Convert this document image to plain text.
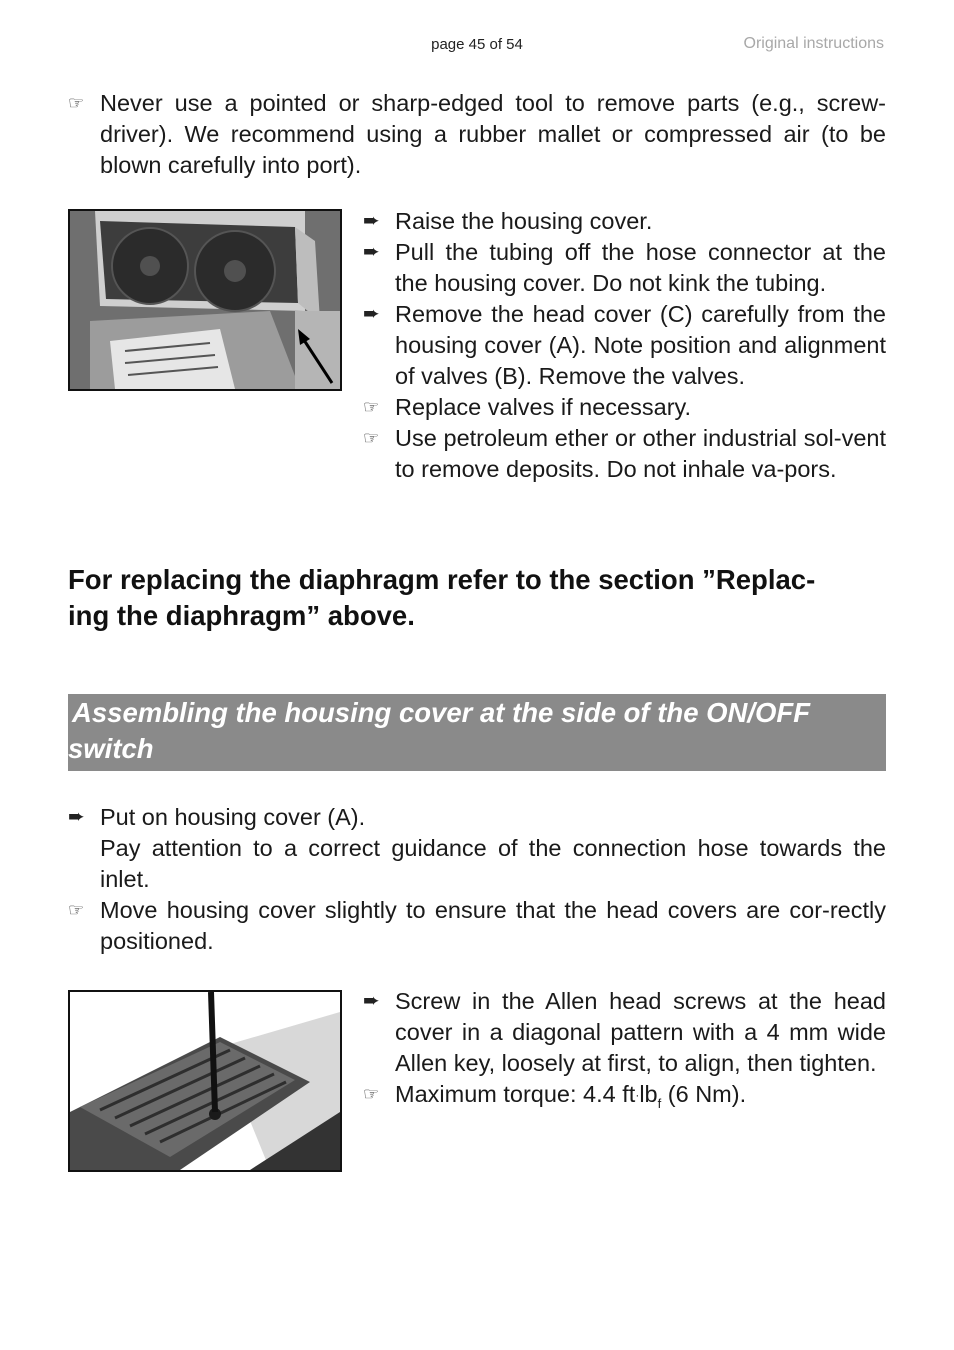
page 45 of 54	Original instructions
☞ Never use a pointed or sharp-edged tool to remove parts (e.g., screw-driver). We recommend using a rubber mallet or compressed air (to be blown carefully into port).
➨ Raise the housing cover.
➨ Pull the tubing off the hose connector at the the housing cover. Do not kink the tubing.
➨ Remove the head cover (C) carefully from the housing cover (A). Note position and alignment of valves (B). Remove the valves.
☞ Replace valves if necessary.
☞ Use petroleum ether or other industrial sol-vent to remove deposits. Do not inhale va-pors.
For replacing the diaphragm refer to the section ”Replac-
ing the diaphragm” above.
Assembling the housing cover at the side of the ON/OFF
switch
➨ Put on housing cover (A).
Pay attention to a correct guidance of the connection hose towards the inlet.
☞ Move housing cover slightly to ensure that the head covers are cor-rectly positioned.
➨ Screw in the Allen head screws at the head cover in a diagonal pattern with a 4 mm wide Allen key, loosely at first, to align, then tighten.
☞ Maximum torque: 4.4 $ft\cdot lb_f$ (6 Nm).
